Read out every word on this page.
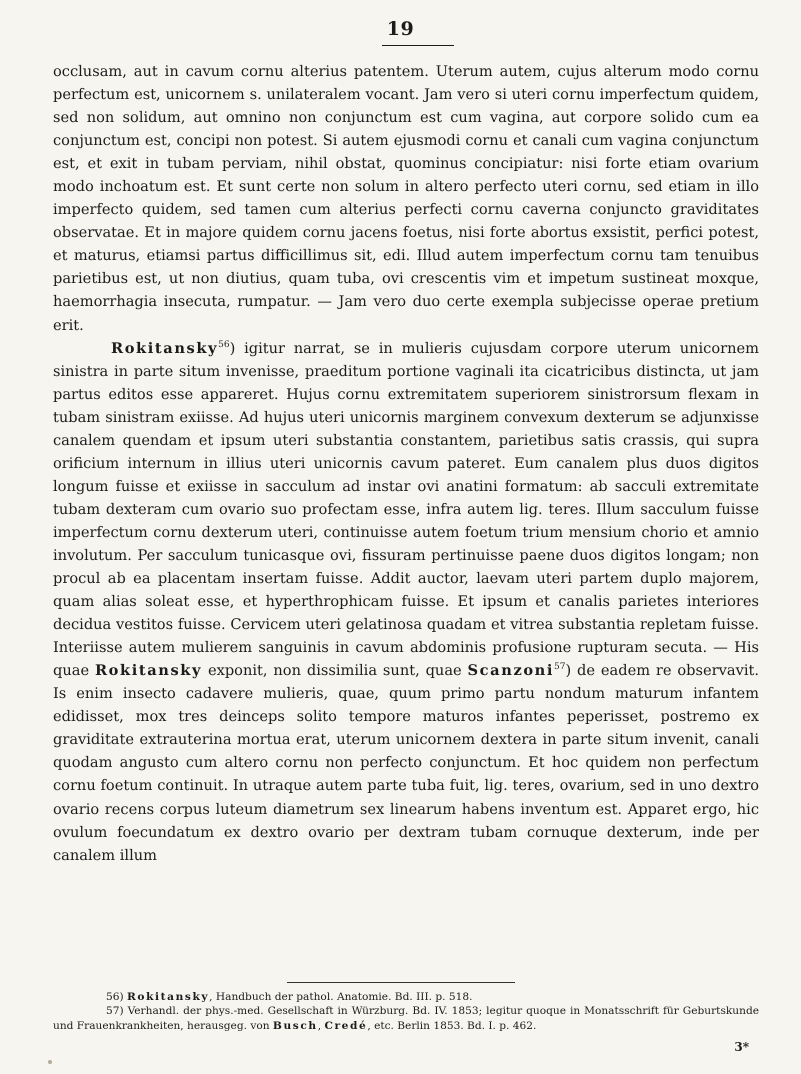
19

occlusam, aut in cavum cornu alterius patentem. Uterum autem, cujus alterum modo cornu perfectum est, unicornem s. unilateralem vocant. Jam vero si uteri cornu imperfectum quidem, sed non solidum, aut omnino non conjunctum est cum vagina, aut corpore solido cum ea conjunctum est, concipi non potest. Si autem ejusmodi cornu et canali cum vagina conjunctum est, et exit in tubam perviam, nihil obstat, quominus concipiatur: nisi forte etiam ovarium modo inchoatum est. Et sunt certe non solum in altero perfecto uteri cornu, sed etiam in illo imperfecto quidem, sed tamen cum alterius perfecti cornu caverna conjuncto graviditates observatae. Et in majore quidem cornu jacens foetus, nisi forte abortus exsistit, perfici potest, et maturus, etiamsi partus difficillimus sit, edi. Illud autem imperfectum cornu tam tenuibus parietibus est, ut non diutius, quam tuba, ovi crescentis vim et impetum sustineat moxque, haemorrhagia insecuta, rumpatur. — Jam vero duo certe exempla subjecisse operae pretium erit.

Rokitansky$^{56}$) igitur narrat, se in mulieris cujusdam corpore uterum unicornem sinistra in parte situm invenisse, praeditum portione vaginali ita cicatricibus distincta, ut jam partus editos esse appareret. Hujus cornu extremitatem superiorem sinistrorsum flexam in tubam sinistram exiisse. Ad hujus uteri unicornis marginem convexum dexterum se adjunxisse canalem quendam et ipsum uteri substantia constantem, parietibus satis crassis, qui supra orificium internum in illius uteri unicornis cavum pateret. Eum canalem plus duos digitos longum fuisse et exiisse in sacculum ad instar ovi anatini formatum: ab sacculi extremitate tubam dexteram cum ovario suo profectam esse, infra autem lig. teres. Illum sacculum fuisse imperfectum cornu dexterum uteri, continuisse autem foetum trium mensium chorio et amnio involutum. Per sacculum tunicasque ovi, fissuram pertinuisse paene duos digitos longam; non procul ab ea placentam insertam fuisse. Addit auctor, laevam uteri partem duplo majorem, quam alias soleat esse, et hyperthrophicam fuisse. Et ipsum et canalis parietes interiores decidua vestitos fuisse. Cervicem uteri gelatinosa quadam et vitrea substantia repletam fuisse. Interiisse autem mulierem sanguinis in cavum abdominis profusione rupturam secuta. — His quae Rokitansky exponit, non dissimilia sunt, quae Scanzoni$^{57}$) de eadem re observavit. Is enim insecto cadavere mulieris, quae, quum primo partu nondum maturum infantem edidisset, mox tres deinceps solito tempore maturos infantes peperisset, postremo ex graviditate extrauterina mortua erat, uterum unicornem dextera in parte situm invenit, canali quodam angusto cum altero cornu non perfecto conjunctum. Et hoc quidem non perfectum cornu foetum continuit. In utraque autem parte tuba fuit, lig. teres, ovarium, sed in uno dextro ovario recens corpus luteum diametrum sex linearum habens inventum est. Apparet ergo, hic ovulum foecundatum ex dextro ovario per dextram tubam cornuque dexterum, inde per canalem illum

56) Rokitansky, Handbuch der pathol. Anatomie. Bd. III. p. 518.

57) Verhandl. der phys.-med. Gesellschaft in Würzburg. Bd. IV. 1853; legitur quoque in Monatsschrift für Geburtskunde und Frauenkrankheiten, herausgeg. von Busch, Credé, etc. Berlin 1853. Bd. I. p. 462.

3*
